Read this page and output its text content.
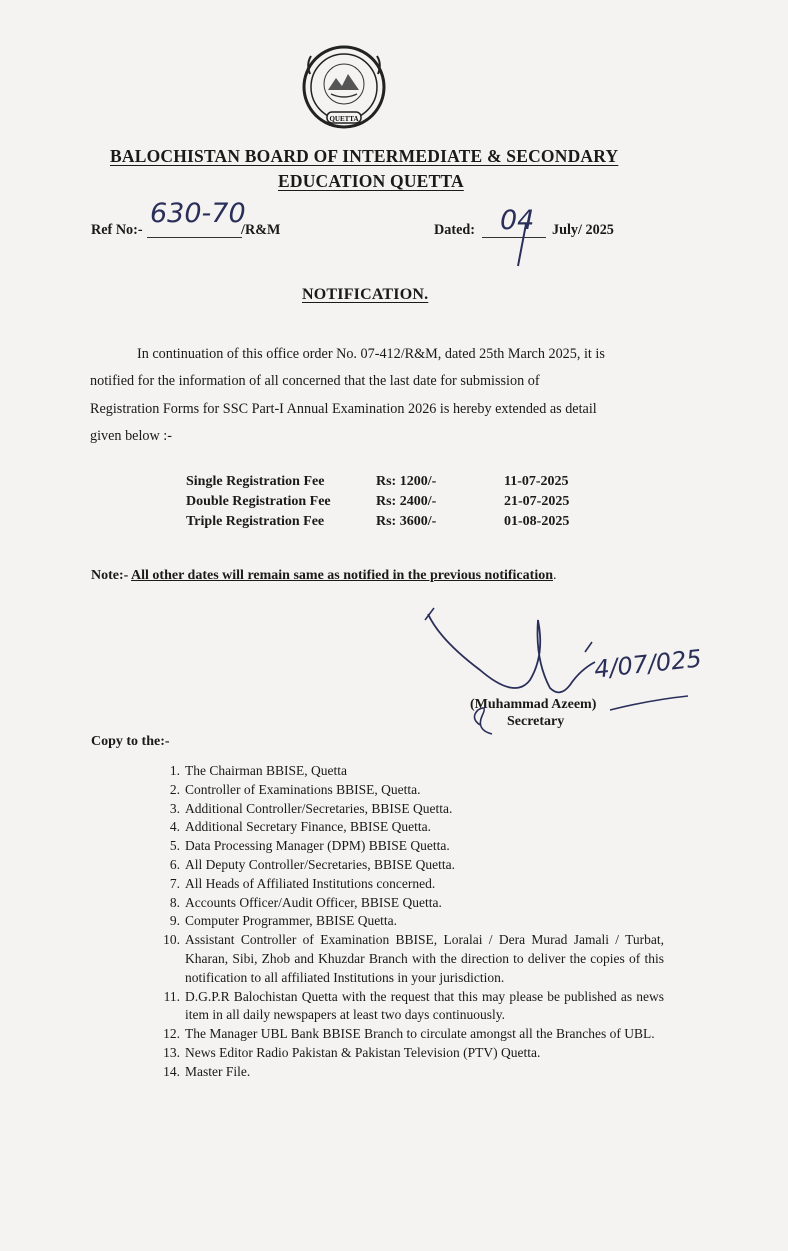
QUETTA
BALOCHISTAN BOARD OF INTERMEDIATE & SECONDARY
EDUCATION QUETTA
Ref No:-
630-70
/R&M	Dated: 04 July/ 2025
NOTIFICATION.
In continuation of this office order No. 07-412/R&M, dated 25th March 2025, it is
notified for the information of all concerned that the last date for submission of
Registration Forms for SSC Part-I Annual Examination 2026 is hereby extended as detail
given below :-
Single Registration Fee	Rs: 1200/-	11-07-2025
Double Registration Fee	Rs: 2400/-	21-07-2025
Triple Registration Fee	Rs: 3600/-	01-08-2025
Note:- All other dates will remain same as notified in the previous notification.
4/07/025
(Muhammad Azeem)
Secretary
Copy to the:-
1. The Chairman BBISE, Quetta
2. Controller of Examinations BBISE, Quetta.
3. Additional Controller/Secretaries, BBISE Quetta.
4. Additional Secretary Finance, BBISE Quetta.
5. Data Processing Manager (DPM) BBISE Quetta.
6. All Deputy Controller/Secretaries, BBISE Quetta.
7. All Heads of Affiliated Institutions concerned.
8. Accounts Officer/Audit Officer, BBISE Quetta.
9. Computer Programmer, BBISE Quetta.
10. Assistant Controller of Examination BBISE, Loralai / Dera Murad Jamali / Turbat, Kharan, Sibi, Zhob and Khuzdar Branch with the direction to deliver the copies of this notification to all affiliated Institutions in your jurisdiction.
11. D.G.P.R Balochistan Quetta with the request that this may please be published as news item in all daily newspapers at least two days continuously.
12. The Manager UBL Bank BBISE Branch to circulate amongst all the Branches of UBL.
13. News Editor Radio Pakistan & Pakistan Television (PTV) Quetta.
14. Master File.
